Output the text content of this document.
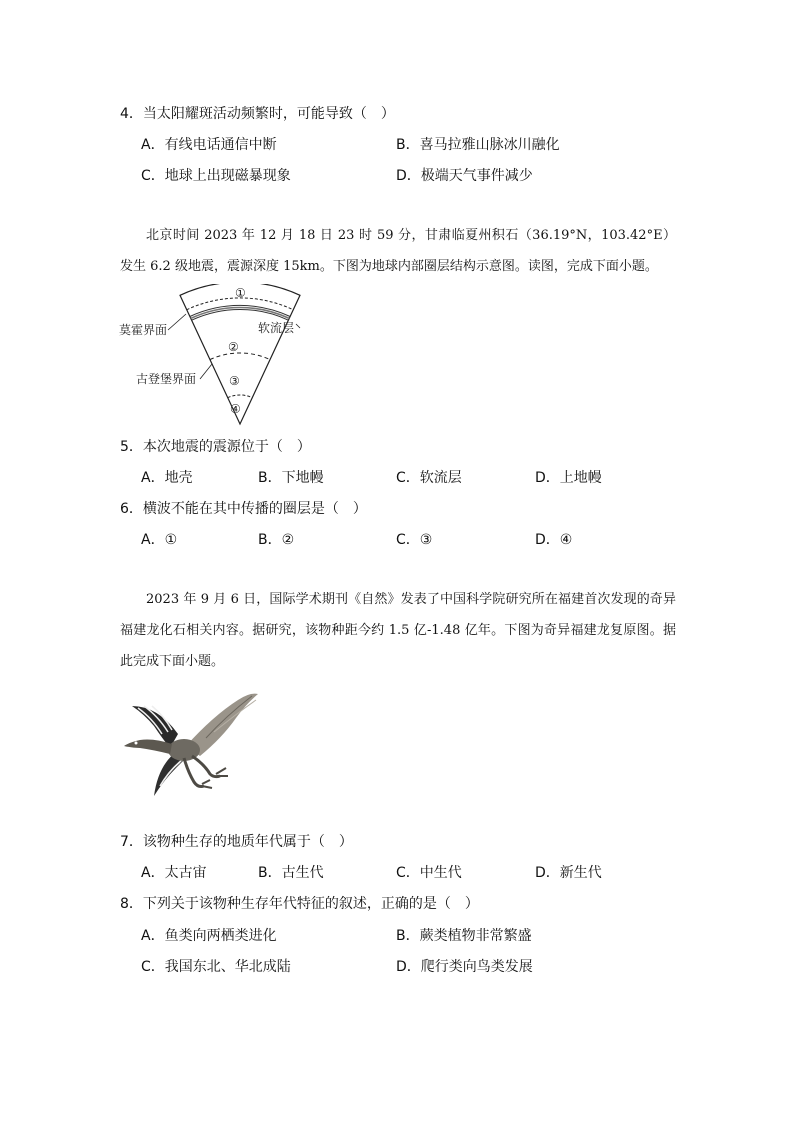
4．当太阳耀斑活动频繁时，可能导致（　）
A．有线电话通信中断	B．喜马拉雅山脉冰川融化
C．地球上出现磁暴现象	D．极端天气事件减少
北京时间 2023 年 12 月 18 日 23 时 59 分，甘肃临夏州积石（36.19°N，103.42°E）发生 6.2 级地震，震源深度 15km。下图为地球内部圈层结构示意图。读图，完成下面小题。
①
②
③
④
莫霍界面	软流层
古登堡界面
5．本次地震的震源位于（　）
A．地壳	B．下地幔	C．软流层	D．上地幔
6．横波不能在其中传播的圈层是（　）
A．①	B．②	C．③	D．④
2023 年 9 月 6 日，国际学术期刊《自然》发表了中国科学院研究所在福建首次发现的奇异福建龙化石相关内容。据研究，该物种距今约 1.5 亿-1.48 亿年。下图为奇异福建龙复原图。据此完成下面小题。
7．该物种生存的地质年代属于（　）
A．太古宙	B．古生代	C．中生代	D．新生代
8．下列关于该物种生存年代特征的叙述，正确的是（　）
A．鱼类向两栖类进化	B．蕨类植物非常繁盛
C．我国东北、华北成陆	D．爬行类向鸟类发展
